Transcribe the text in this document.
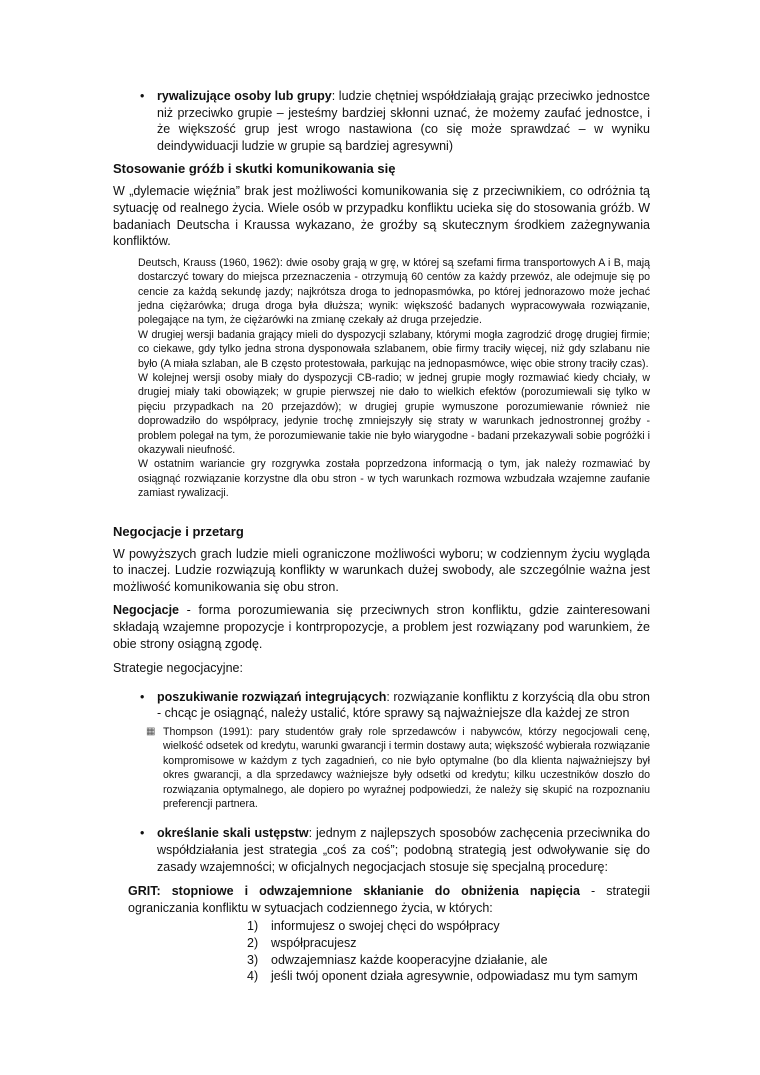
•	rywalizujące osoby lub grupy: ludzie chętniej współdziałają grając przeciwko jednostce niż przeciwko grupie – jesteśmy bardziej skłonni uznać, że możemy zaufać jednostce, i że większość grup jest wrogo nastawiona (co się może sprawdzać – w wyniku deindywiduacji ludzie w grupie są bardziej agresywni)

Stosowanie gróźb i skutki komunikowania się

W „dylemacie więźnia” brak jest możliwości komunikowania się z przeciwnikiem, co odróżnia tą sytuację od realnego życia. Wiele osób w przypadku konfliktu ucieka się do stosowania gróźb. W badaniach Deutscha i Kraussa wykazano, że groźby są skutecznym środkiem zażegnywania konfliktów.

Deutsch, Krauss (1960, 1962): dwie osoby grają w grę, w której są szefami firma transportowych A i B, mają dostarczyć towary do miejsca przeznaczenia - otrzymują 60 centów za każdy przewóz, ale odejmuje się po cencie za każdą sekundę jazdy; najkrótsza droga to jednopasmówka, po której jednorazowo może jechać jedna ciężarówka; druga droga była dłuższa; wynik: większość badanych wypracowywała rozwiązanie, polegające na tym, że ciężarówki na zmianę czekały aż druga przejedzie.

W drugiej wersji badania grający mieli do dyspozycji szlabany, którymi mogła zagrodzić drogę drugiej firmie; co ciekawe, gdy tylko jedna strona dysponowała szlabanem, obie firmy traciły więcej, niż gdy szlabanu nie było (A miała szlaban, ale B często protestowała, parkując na jednopasmówce, więc obie strony traciły czas).

W kolejnej wersji osoby miały do dyspozycji CB-radio; w jednej grupie mogły rozmawiać kiedy chciały, w drugiej miały taki obowiązek; w grupie pierwszej nie dało to wielkich efektów (porozumiewali się tylko w pięciu przypadkach na 20 przejazdów); w drugiej grupie wymuszone porozumiewanie również nie doprowadziło do współpracy, jedynie trochę zmniejszyły się straty w warunkach jednostronnej groźby - problem polegał na tym, że porozumiewanie takie nie było wiarygodne - badani przekazywali sobie pogróżki i okazywali nieufność.

W ostatnim wariancie gry rozgrywka została poprzedzona informacją o tym, jak należy rozmawiać by osiągnąć rozwiązanie korzystne dla obu stron - w tych warunkach rozmowa wzbudzała wzajemne zaufanie zamiast rywalizacji.

Negocjacje i przetarg

W powyższych grach ludzie mieli ograniczone możliwości wyboru; w codziennym życiu wygląda to inaczej. Ludzie rozwiązują konflikty w warunkach dużej swobody, ale szczególnie ważna jest możliwość komunikowania się obu stron.

Negocjacje - forma porozumiewania się przeciwnych stron konfliktu, gdzie zainteresowani składają wzajemne propozycje i kontrpropozycje, a problem jest rozwiązany pod warunkiem, że obie strony osiągną zgodę.

Strategie negocjacyjne:

•	poszukiwanie rozwiązań integrujących: rozwiązanie konfliktu z korzyścią dla obu stron - chcąc je osiągnąć, należy ustalić, które sprawy są najważniejsze dla każdej ze stron

▦ Thompson (1991): pary studentów grały role sprzedawców i nabywców, którzy negocjowali cenę, wielkość odsetek od kredytu, warunki gwarancji i termin dostawy auta; większość wybierała rozwiązanie kompromisowe w każdym z tych zagadnień, co nie było optymalne (bo dla klienta najważniejszy był okres gwarancji, a dla sprzedawcy ważniejsze były odsetki od kredytu; kilku uczestników doszło do rozwiązania optymalnego, ale dopiero po wyraźnej podpowiedzi, że należy się skupić na rozpoznaniu preferencji partnera.

•	określanie skali ustępstw: jednym z najlepszych sposobów zachęcenia przeciwnika do współdziałania jest strategia „coś za coś”; podobną strategią jest odwoływanie się do zasady wzajemności; w oficjalnych negocjacjach stosuje się specjalną procedurę:

GRIT: stopniowe i odwzajemnione skłanianie do obniżenia napięcia - strategii ograniczania konfliktu w sytuacjach codziennego życia, w których:

1)	informujesz o swojej chęci do współpracy
2)	współpracujesz
3)	odwzajemniasz każde kooperacyjne działanie, ale
4)	jeśli twój oponent działa agresywnie, odpowiadasz mu tym samym
